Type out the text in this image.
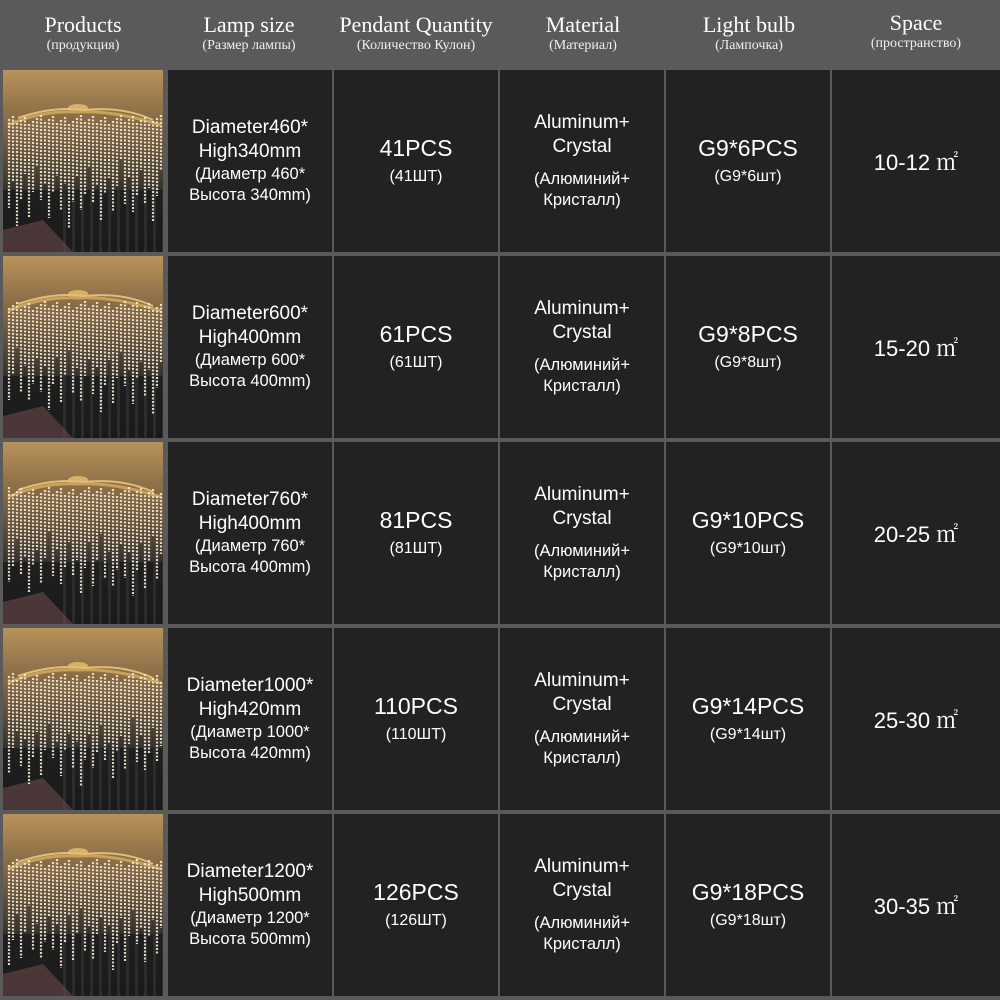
Products
(продукция)
Lamp size
(Размер лампы)
Pendant Quantity
(Количество Кулон)
Material
(Материал)
Light bulb
(Лампочка)
Space
(пространство)
Diameter460*
High340mm
(Диаметр 460*
Высота 340mm)
41PCS
(41ШТ)
Aluminum+
Crystal
(Алюминий+
Кристалл)
G9*6PCS
(G9*6шт)
10-12 ㎡
Diameter600*
High400mm
(Диаметр 600*
Высота 400mm)
61PCS
(61ШТ)
Aluminum+
Crystal
(Алюминий+
Кристалл)
G9*8PCS
(G9*8шт)
15-20 ㎡
Diameter760*
High400mm
(Диаметр 760*
Высота 400mm)
81PCS
(81ШТ)
Aluminum+
Crystal
(Алюминий+
Кристалл)
G9*10PCS
(G9*10шт)
20-25 ㎡
Diameter1000*
High420mm
(Диаметр 1000*
Высота 420mm)
110PCS
(110ШТ)
Aluminum+
Crystal
(Алюминий+
Кристалл)
G9*14PCS
(G9*14шт)
25-30 ㎡
Diameter1200*
High500mm
(Диаметр 1200*
Высота 500mm)
126PCS
(126ШТ)
Aluminum+
Crystal
(Алюминий+
Кристалл)
G9*18PCS
(G9*18шт)
30-35 ㎡
